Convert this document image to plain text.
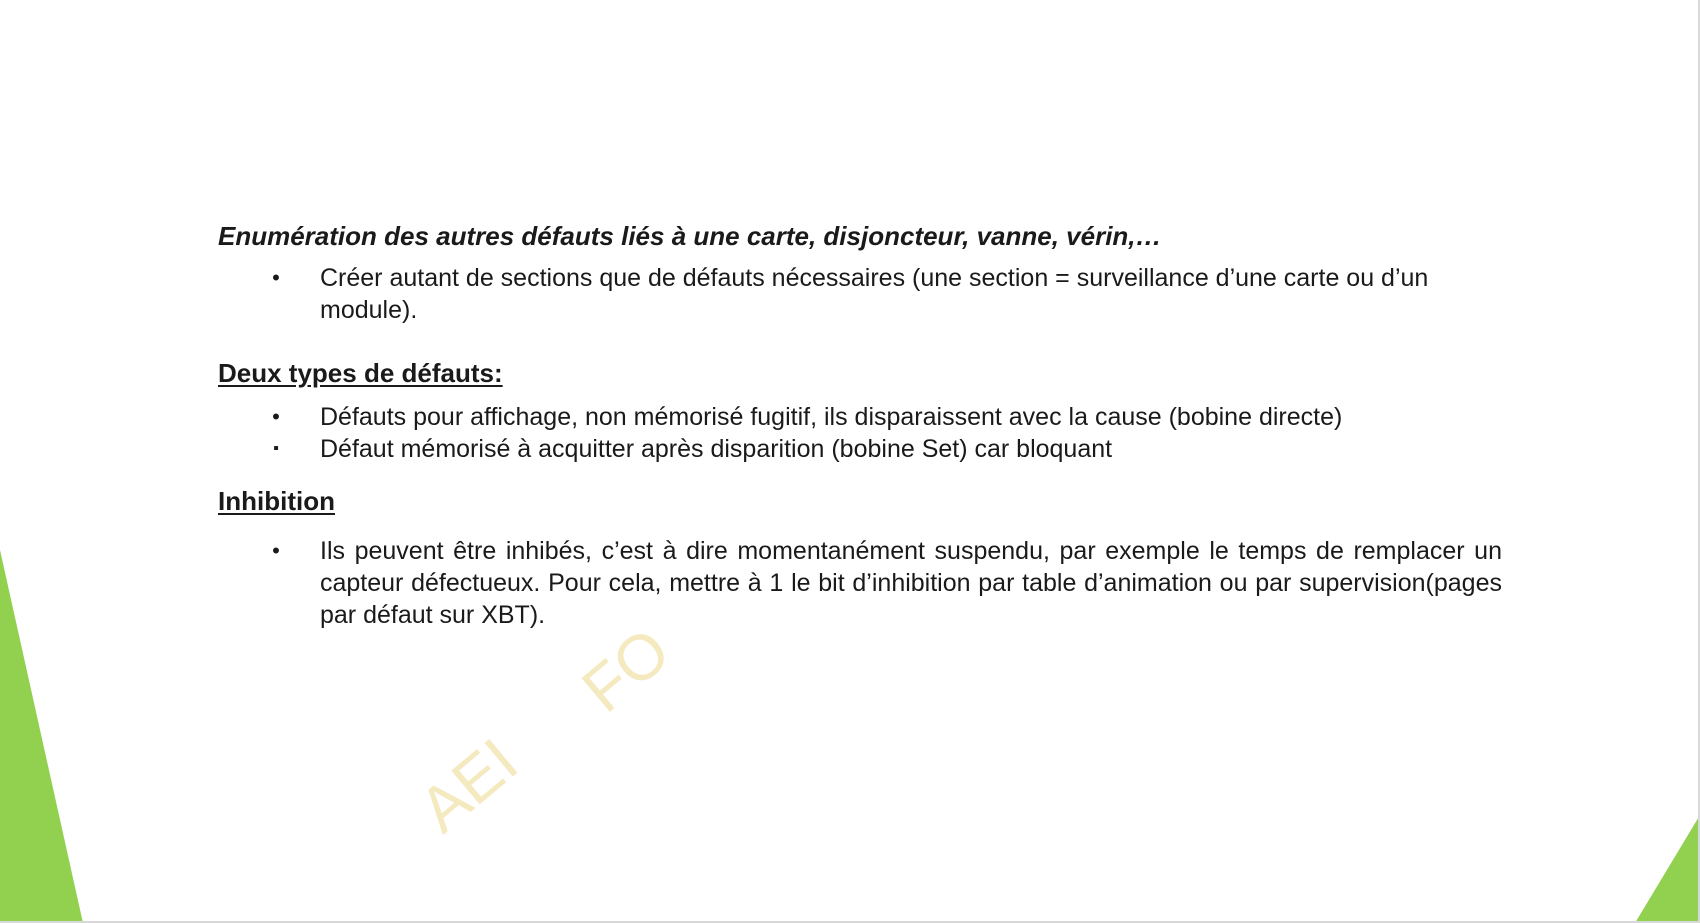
AEI
FO
Enumération des autres défauts liés à une carte, disjoncteur, vanne, vérin,…
• Créer autant de sections que de défauts nécessaires (une section = surveillance d’une carte ou d’un module).
Deux types de défauts:
• Défauts pour affichage, non mémorisé fugitif, ils disparaissent avec la cause (bobine directe)
▪ Défaut mémorisé à acquitter après disparition (bobine Set) car bloquant
Inhibition
• Ils peuvent être inhibés, c’est à dire momentanément suspendu, par exemple le temps de remplacer un capteur défectueux. Pour cela, mettre à 1 le bit d’inhibition par table d’animation ou par supervision(pages par défaut sur XBT).
